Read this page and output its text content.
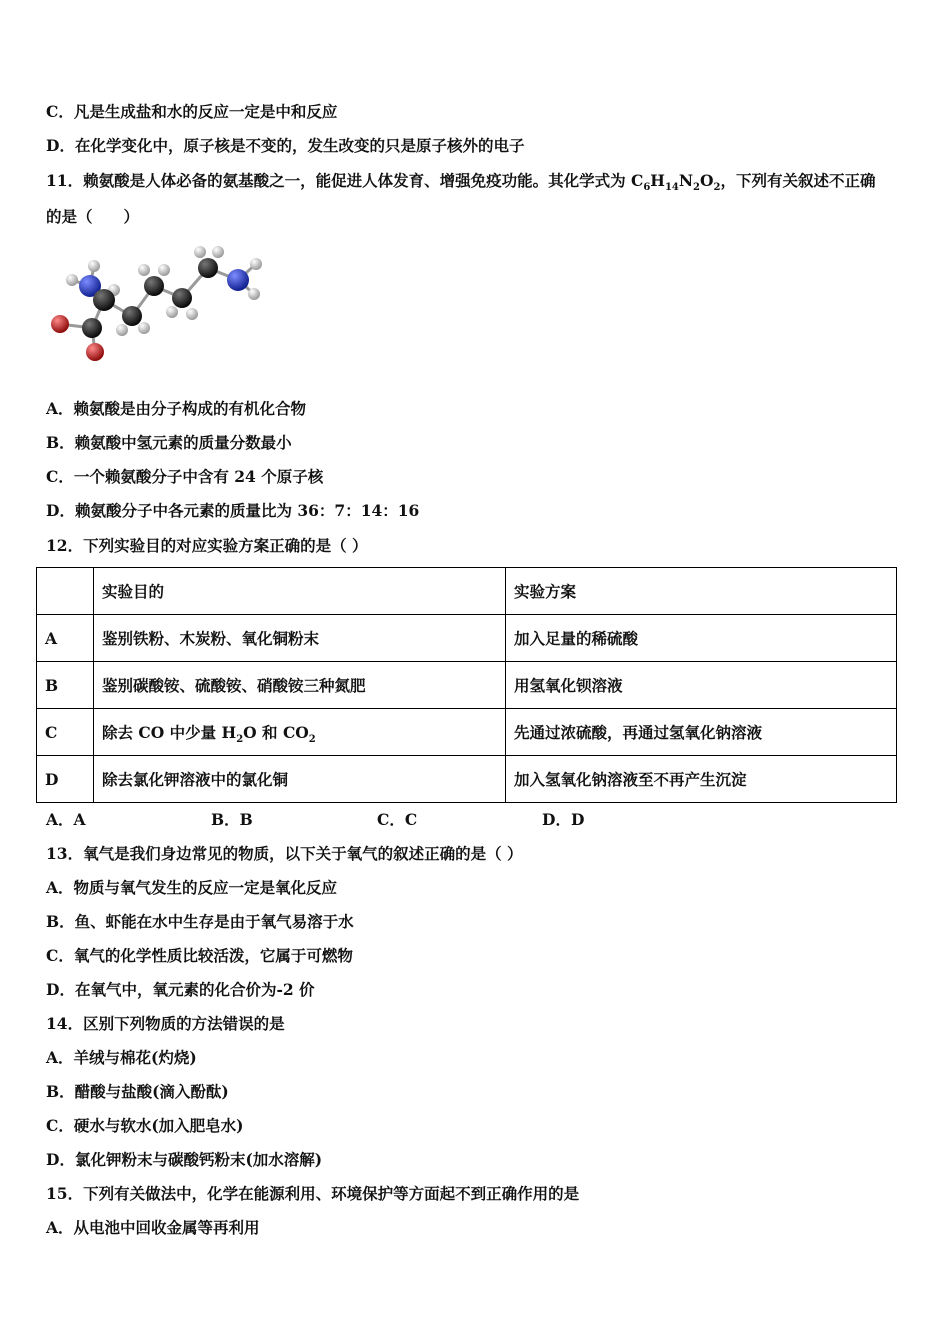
C．凡是生成盐和水的反应一定是中和反应
D．在化学变化中，原子核是不变的，发生改变的只是原子核外的电子
11．赖氨酸是人体必备的氨基酸之一，能促进人体发育、增强免疫功能。其化学式为 $C_6H_{14}N_2O_2$，下列有关叙述不正确
的是（　　）
A．赖氨酸是由分子构成的有机化合物
B．赖氨酸中氢元素的质量分数最小
C．一个赖氨酸分子中含有 24 个原子核
D．赖氨酸分子中各元素的质量比为 36：7：14：16
12．下列实验目的对应实验方案正确的是（ ）
	实验目的	实验方案
A	鉴别铁粉、木炭粉、氧化铜粉末	加入足量的稀硫酸
B	鉴别碳酸铵、硫酸铵、硝酸铵三种氮肥	用氢氧化钡溶液
C	除去 CO 中少量 $H_2O$ 和 $CO_2$	先通过浓硫酸，再通过氢氧化钠溶液
D	除去氯化钾溶液中的氯化铜	加入氢氧化钠溶液至不再产生沉淀
A．A	B．B	C．C	D．D
13．氧气是我们身边常见的物质，以下关于氧气的叙述正确的是（ ）
A．物质与氧气发生的反应一定是氧化反应
B．鱼、虾能在水中生存是由于氧气易溶于水
C．氧气的化学性质比较活泼，它属于可燃物
D．在氧气中，氧元素的化合价为-2 价
14．区别下列物质的方法错误的是
A．羊绒与棉花(灼烧)
B．醋酸与盐酸(滴入酚酞)
C．硬水与软水(加入肥皂水)
D．氯化钾粉末与碳酸钙粉末(加水溶解)
15．下列有关做法中，化学在能源利用、环境保护等方面起不到正确作用的是
A．从电池中回收金属等再利用
